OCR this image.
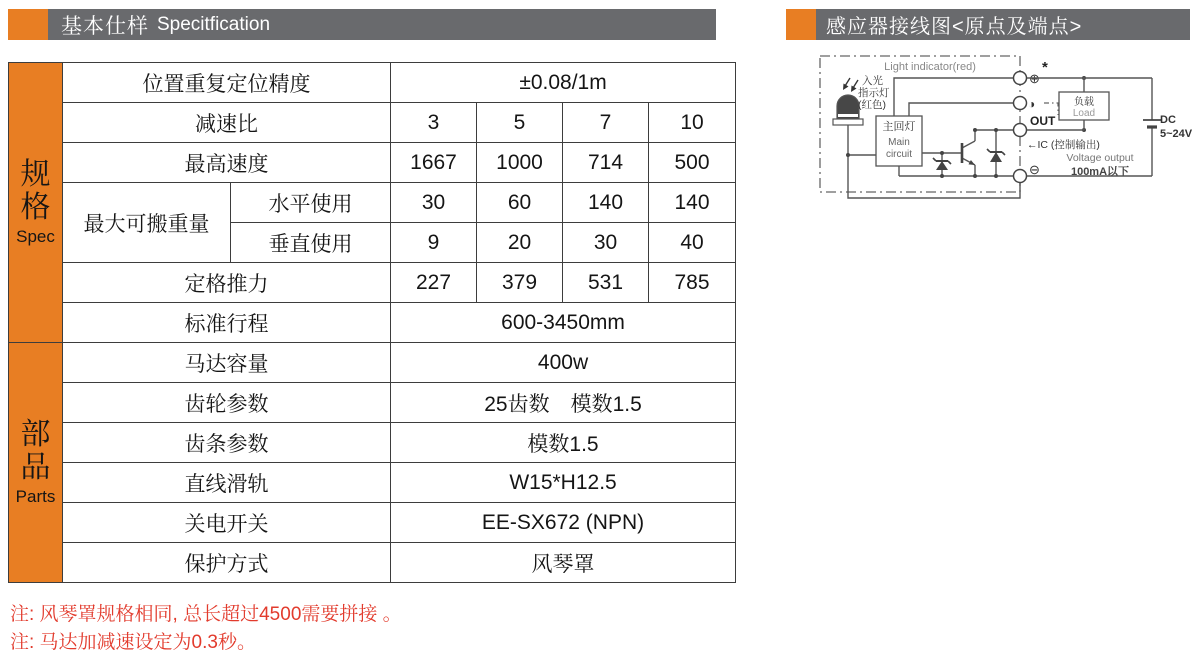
基本仕样 Specitfication	感应器接线图<原点及端点>
规格
Spec	位置重复定位精度		±0.08/1m			
	减速比		3	5	7	10
	最高速度		1667	1000	714	500
	最大可搬重量	水平使用	30	60	140	140
		垂直使用	9	20	30	40
	定格推力		227	379	531	785
	标准行程		600-3450mm			

部品
Parts	马达容量		400w			
	齿轮参数		25齿数　模数1.5			
	齿条参数		模数1.5			
	直线滑轨		W15*H12.5			
	关电开关		EE-SX672 (NPN)			
	保护方式		风琴罩			
注: 风琴罩规格相同, 总长超过4500需要拼接 。
注: 马达加减速设定为0.3秒。
Light indicator(red)
入光
指示灯
(红色)
主回灯
Main
circuit
⊕
*
◑
OUT
⊖
←IC (控制输出)
Voltage output
100mA以下
负载
Load
DC
5~24V
